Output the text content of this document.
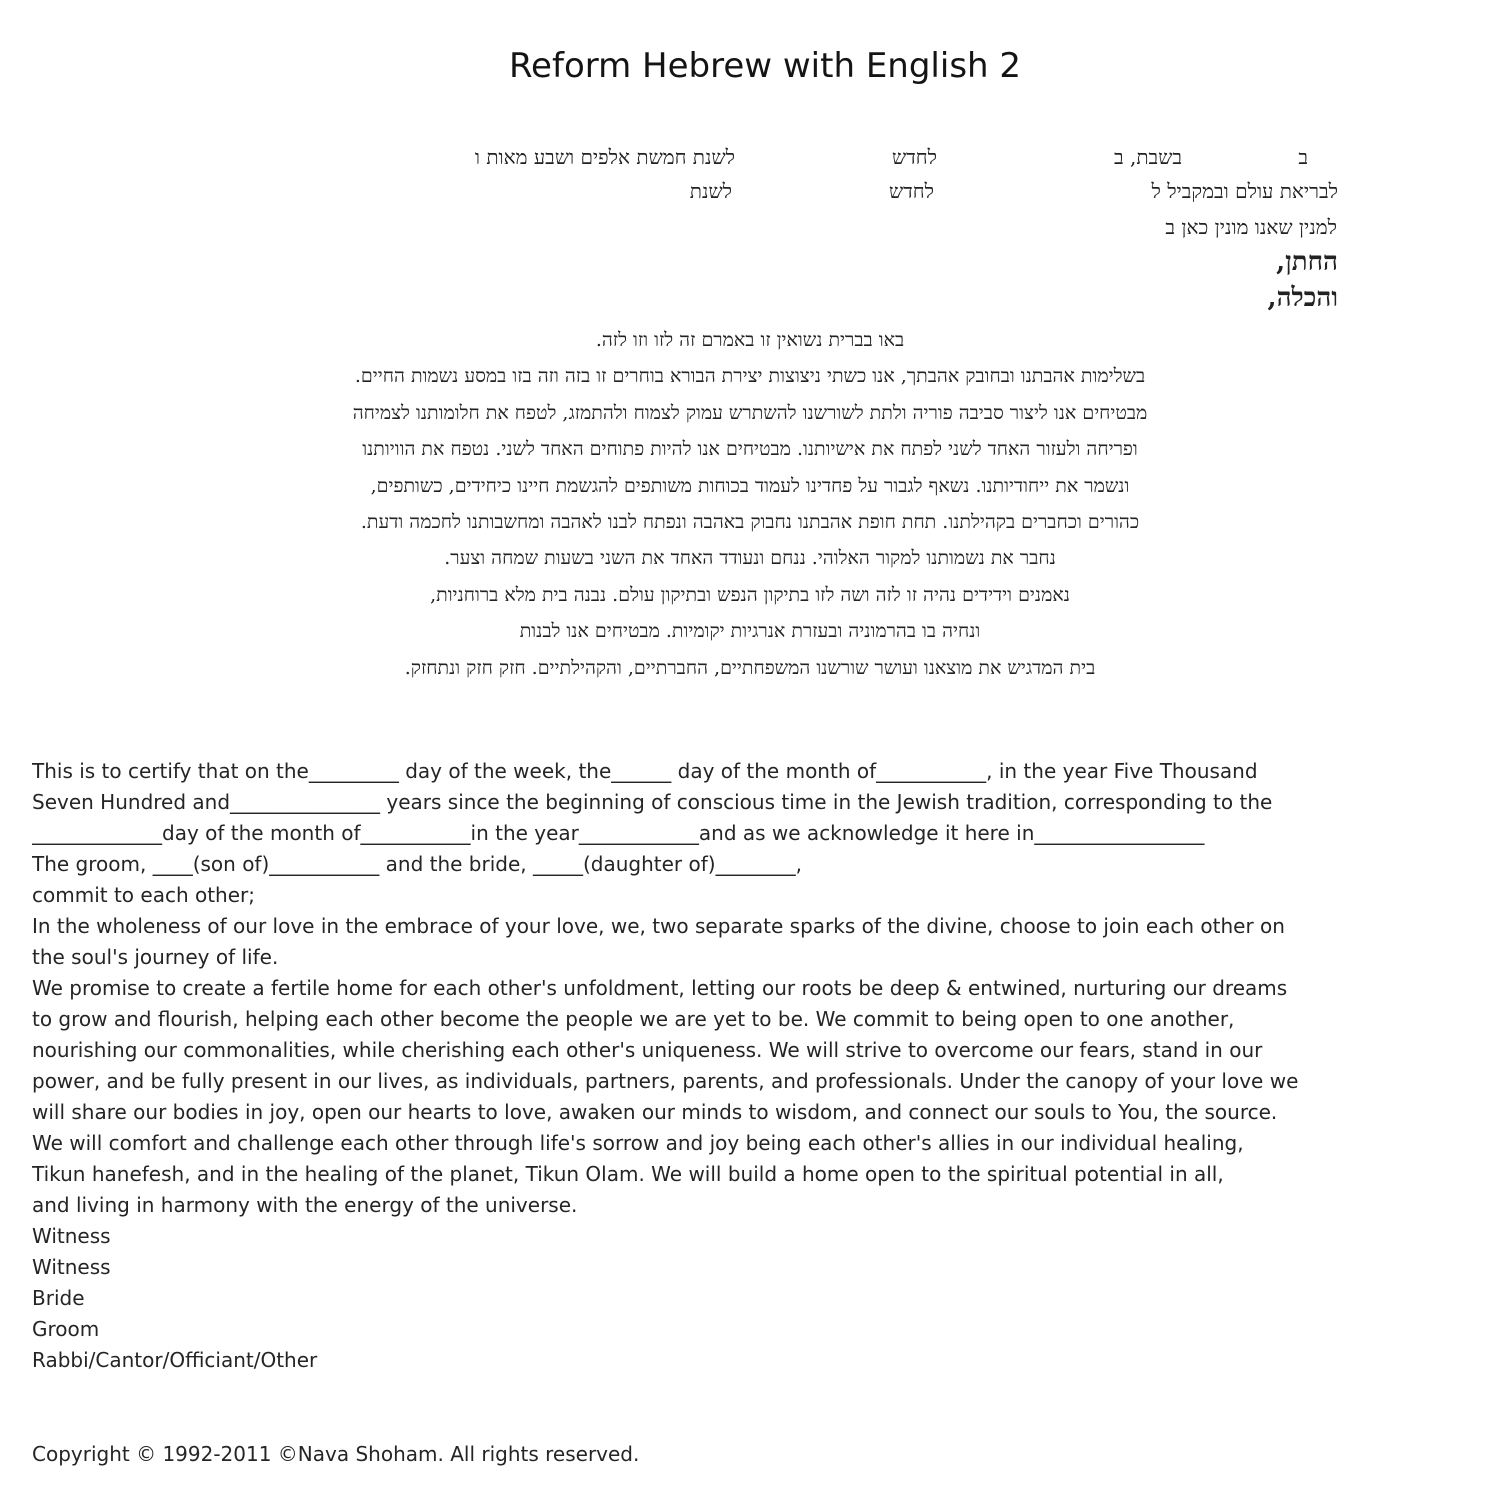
Reform Hebrew with English 2
ב
בשבת, ב
לחדש
לשנת חמשת אלפים ושבע מאות ו
לבריאת עולם ובמקביל ל
לחדש
לשנת
למנין שאנו מונין כאן ב
החתן,
והכלה,
באו בברית נשואין זו באמרם זה לזו וזו לזה.
בשלימות אהבתנו ובחובק אהבתך, אנו כשתי ניצוצות יצירת הבורא בוחרים זו בזה וזה בזו במסע נשמות החיים.
מבטיחים אנו ליצור סביבה פוריה ולתת לשורשנו להשתרש עמוק לצמוח ולהתמזג, לטפח את חלומותנו לצמיחה
ופריחה ולעזור האחד לשני לפתח את אישיותנו. מבטיחים אנו להיות פתוחים האחד לשני. נטפח את הוויותנו
ונשמר את ייחודיותנו. נשאף לגבור על פחדינו לעמוד בכוחות משותפים להגשמת חיינו כיחידים, כשותפים,
כהורים וכחברים בקהילתנו. תחת חופת אהבתנו נחבוק באהבה ונפתח לבנו לאהבה ומחשבותנו לחכמה ודעת.
נחבר את נשמותנו למקור האלוהי. ננחם ונעודד האחד את השני בשעות שמחה וצער.
נאמנים וידידים נהיה זו לזה ושה לזו בתיקון הנפש ובתיקון עולם. נבנה בית מלא ברוחניות,
ונחיה בו בהרמוניה ובעזרת אנרגיות יקומיות. מבטיחים אנו לבנות
בית המדגיש את מוצאנו ועושר שורשנו המשפחתיים, החברתיים, והקהילתיים. חזק חזק ונתחזק.
This is to certify that on the_________ day of the week, the______ day of the month of___________, in the year Five Thousand
Seven Hundred and_______________ years since the beginning of conscious time in the Jewish tradition, corresponding to the
_____________day of the month of___________in the year____________and as we acknowledge it here in_________________
The groom, ____(son of)___________ and the bride, _____(daughter of)________,
commit to each other;
In the wholeness of our love in the embrace of your love, we, two separate sparks of the divine, choose to join each other on
the soul's journey of life.
We promise to create a fertile home for each other's unfoldment, letting our roots be deep & entwined, nurturing our dreams
to grow and flourish, helping each other become the people we are yet to be. We commit to being open to one another,
nourishing our commonalities, while cherishing each other's uniqueness. We will strive to overcome our fears, stand in our
power, and be fully present in our lives, as individuals, partners, parents, and professionals. Under the canopy of your love we
will share our bodies in joy, open our hearts to love, awaken our minds to wisdom, and connect our souls to You, the source.
We will comfort and challenge each other through life's sorrow and joy being each other's allies in our individual healing,
Tikun hanefesh, and in the healing of the planet, Tikun Olam. We will build a home open to the spiritual potential in all,
and living in harmony with the energy of the universe.
Witness
Witness
Bride
Groom
Rabbi/Cantor/Officiant/Other
Copyright © 1992-2011 ©Nava Shoham. All rights reserved.
